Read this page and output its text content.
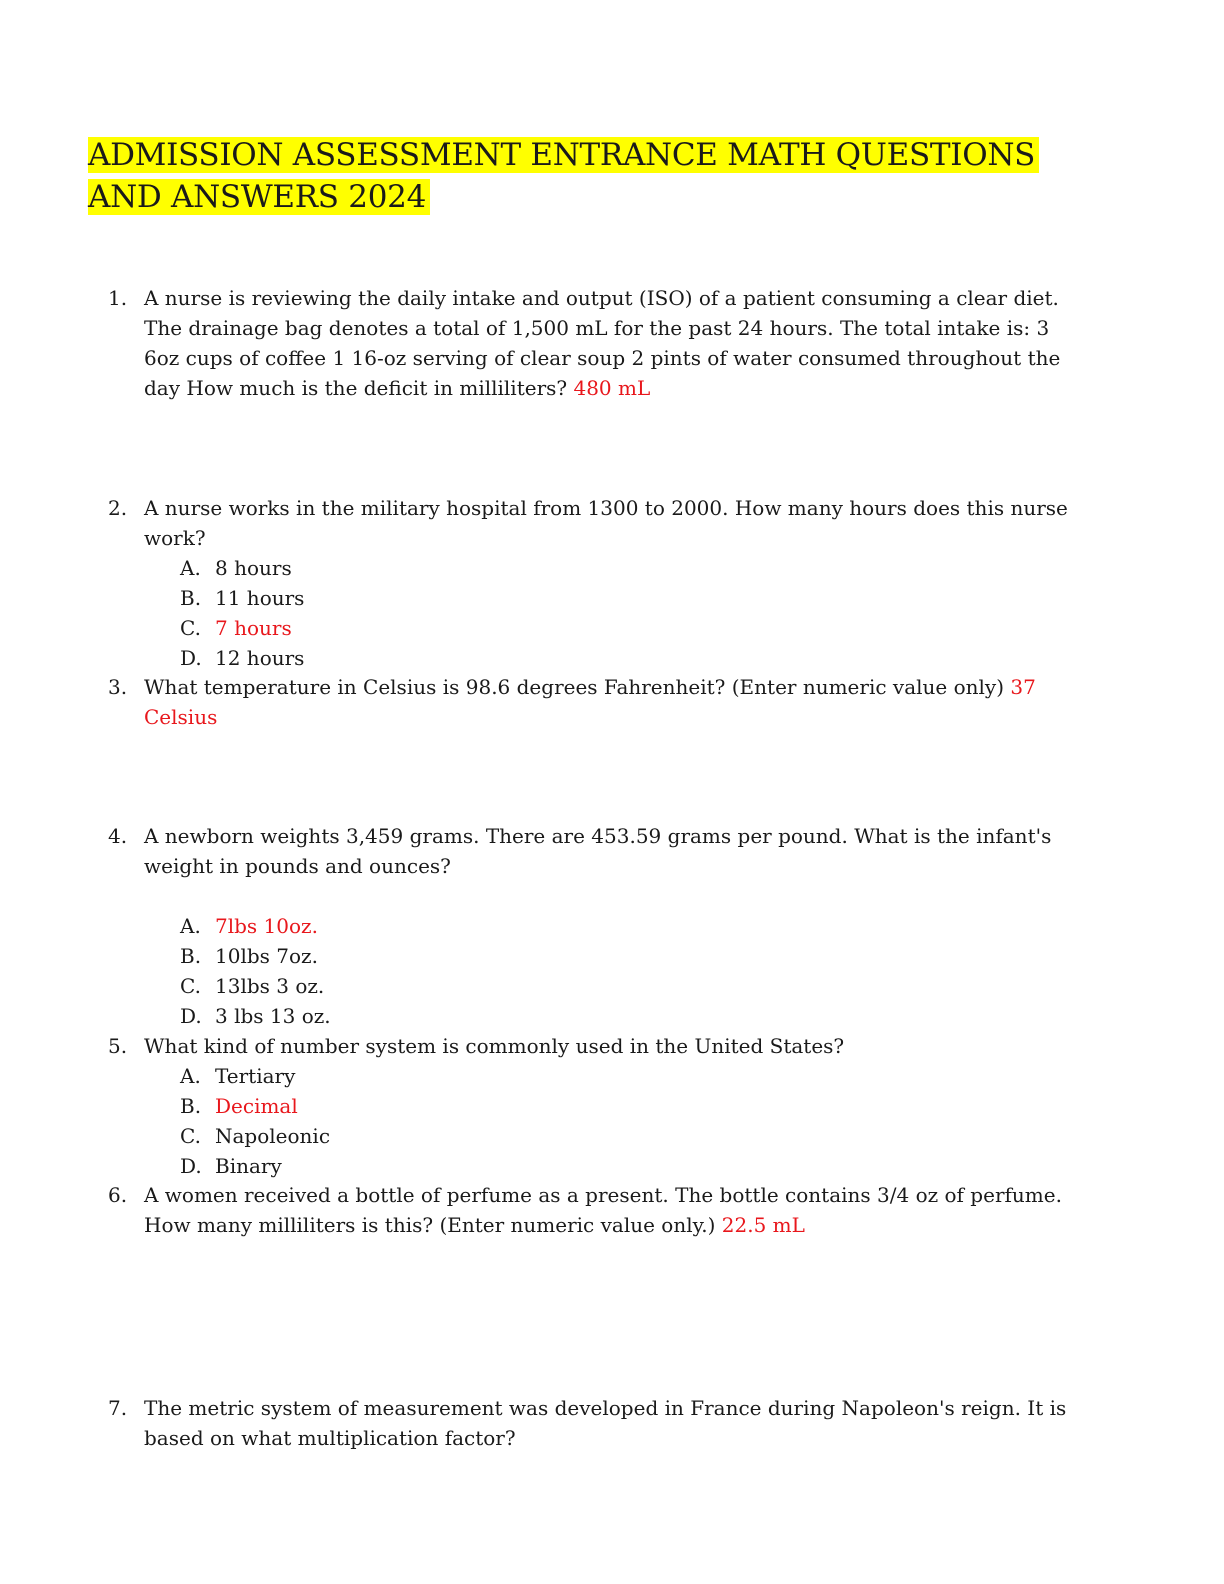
ADMISSION ASSESSMENT ENTRANCE MATH QUESTIONS AND ANSWERS 2024
1. A nurse is reviewing the daily intake and output (ISO) of a patient consuming a clear diet. The drainage bag denotes a total of 1,500 mL for the past 24 hours. The total intake is: 3 6oz cups of coffee 1 16-oz serving of clear soup 2 pints of water consumed throughout the day How much is the deficit in milliliters? 480 mL
2. A nurse works in the military hospital from 1300 to 2000. How many hours does this nurse work?
A. 8 hours
B. 11 hours
C. 7 hours
D. 12 hours
3. What temperature in Celsius is 98.6 degrees Fahrenheit? (Enter numeric value only) 37 Celsius
4. A newborn weights 3,459 grams. There are 453.59 grams per pound. What is the infant's weight in pounds and ounces?
A. 7lbs 10oz.
B. 10lbs 7oz.
C. 13lbs 3 oz.
D. 3 lbs 13 oz.
5. What kind of number system is commonly used in the United States?
A. Tertiary
B. Decimal
C. Napoleonic
D. Binary
6. A women received a bottle of perfume as a present. The bottle contains 3/4 oz of perfume. How many milliliters is this? (Enter numeric value only.) 22.5 mL
7. The metric system of measurement was developed in France during Napoleon's reign. It is based on what multiplication factor?
